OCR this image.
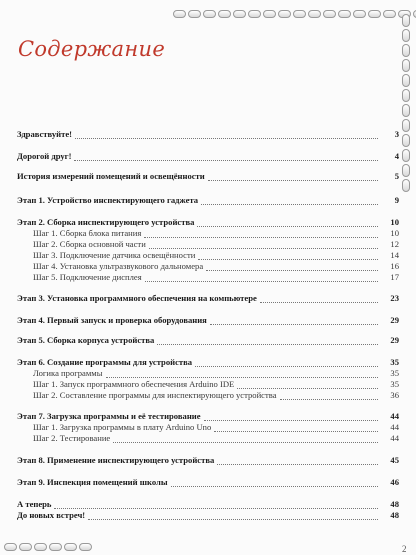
Содержание
Здравствуйте!	3
Дорогой друг!	4
История измерений помещений и освещённости	5
Этап 1. Устройство инспектирующего гаджета	9
Этап 2. Сборка инспектирующего устройства	10
Шаг 1. Сборка блока питания	10
Шаг 2. Сборка основной части	12
Шаг 3. Подключение датчика освещённости	14
Шаг 4. Установка ультразвукового дальномера	16
Шаг 5. Подключение дисплея	17
Этап 3. Установка программного обеспечения на компьютере	23
Этап 4. Первый запуск и проверка оборудования	29
Этап 5. Сборка корпуса устройства	29
Этап 6. Создание программы для устройства	35
Логика программы	35
Шаг 1. Запуск программного обеспечения Arduino IDE	35
Шаг 2. Составление программы для инспектирующего устройства	36
Этап 7. Загрузка программы и её тестирование	44
Шаг 1. Загрузка программы в плату Arduino Uno	44
Шаг 2. Тестирование	44
Этап 8. Применение инспектирующего устройства	45
Этап 9. Инспекция помещений школы	46
А теперь	48
До новых встреч!	48
2
